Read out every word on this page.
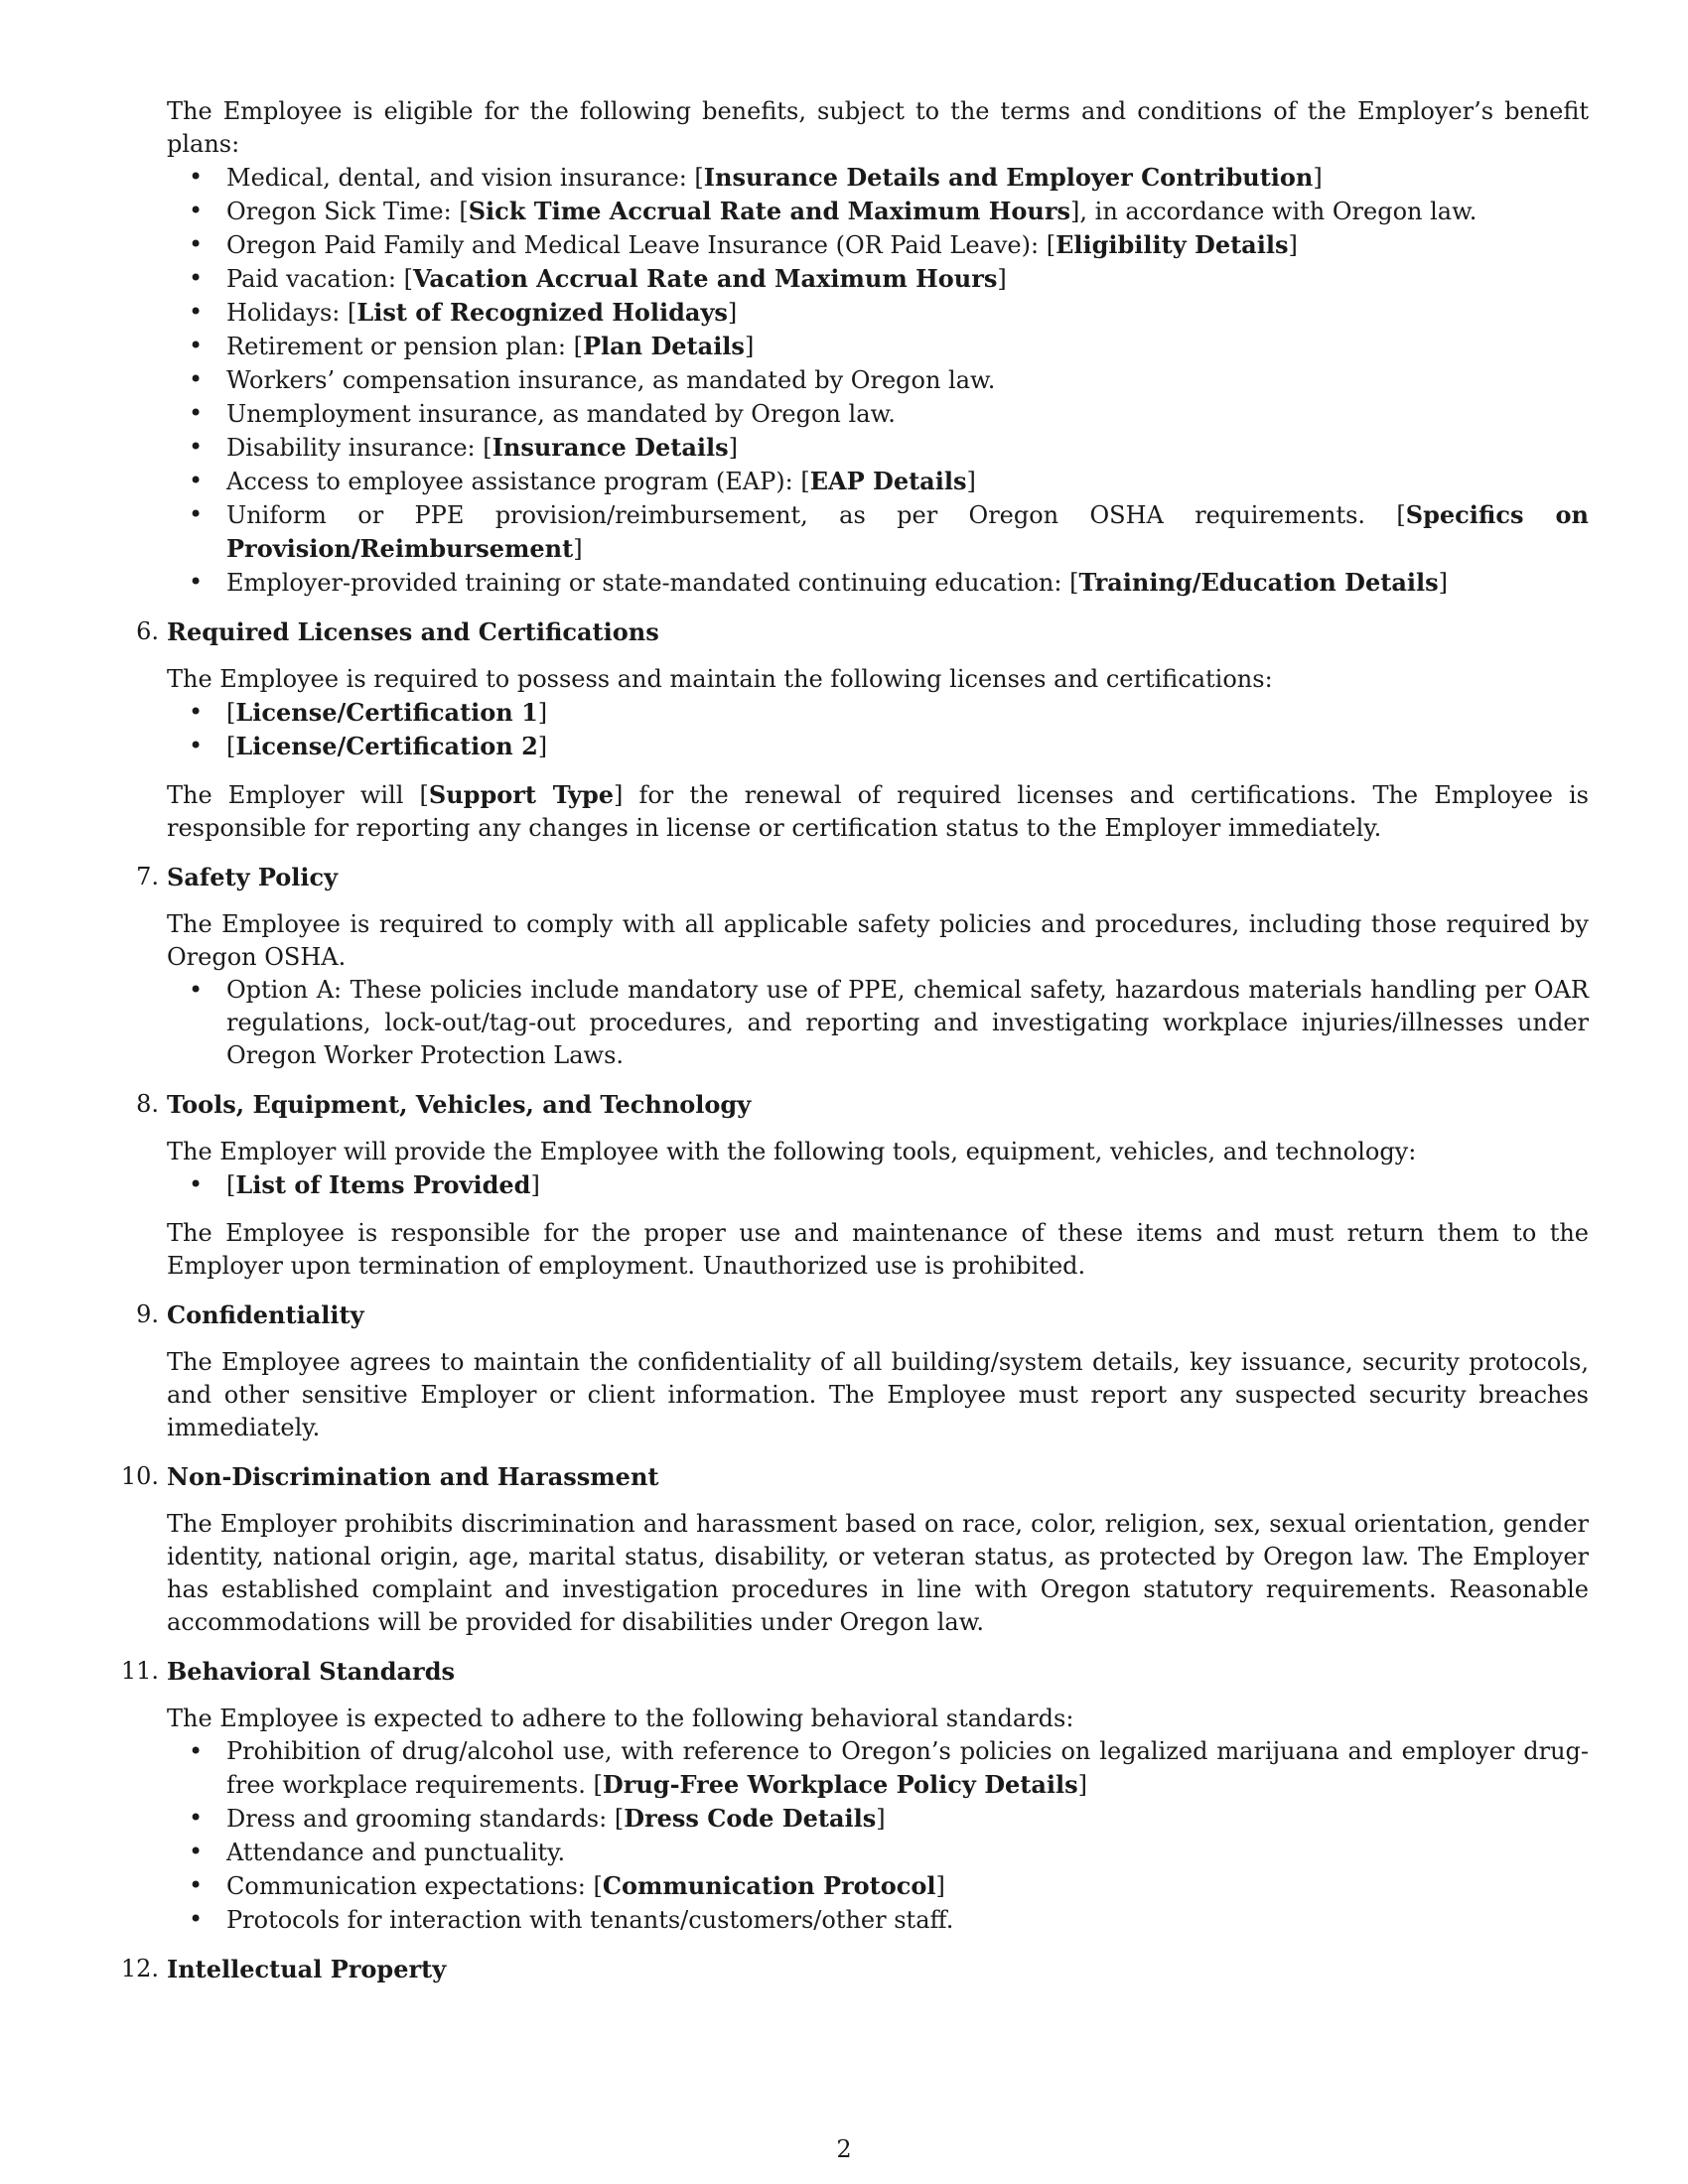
The Employee is eligible for the following benefits, subject to the terms and conditions of the Employer’s benefit plans:

• Medical, dental, and vision insurance: [Insurance Details and Employer Contribution]
• Oregon Sick Time: [Sick Time Accrual Rate and Maximum Hours], in accordance with Oregon law.
• Oregon Paid Family and Medical Leave Insurance (OR Paid Leave): [Eligibility Details]
• Paid vacation: [Vacation Accrual Rate and Maximum Hours]
• Holidays: [List of Recognized Holidays]
• Retirement or pension plan: [Plan Details]
• Workers’ compensation insurance, as mandated by Oregon law.
• Unemployment insurance, as mandated by Oregon law.
• Disability insurance: [Insurance Details]
• Access to employee assistance program (EAP): [EAP Details]
• Uniform or PPE provision/reimbursement, as per Oregon OSHA requirements. [Specifics on Provision/Reimbursement]
• Employer-provided training or state-mandated continuing education: [Training/Education Details]
6. Required Licenses and Certifications

The Employee is required to possess and maintain the following licenses and certifications:

• [License/Certification 1]
• [License/Certification 2]

The Employer will [Support Type] for the renewal of required licenses and certifications. The Employee is responsible for reporting any changes in license or certification status to the Employer immediately.

7. Safety Policy

The Employee is required to comply with all applicable safety policies and procedures, including those required by Oregon OSHA.

• Option A: These policies include mandatory use of PPE, chemical safety, hazardous materials handling per OAR regulations, lock-out/tag-out procedures, and reporting and investigating workplace injuries/illnesses under Oregon Worker Protection Laws.
8. Tools, Equipment, Vehicles, and Technology

The Employer will provide the Employee with the following tools, equipment, vehicles, and technology:

• [List of Items Provided]

The Employee is responsible for the proper use and maintenance of these items and must return them to the Employer upon termination of employment. Unauthorized use is prohibited.

9. Confidentiality

The Employee agrees to maintain the confidentiality of all building/system details, key issuance, security protocols, and other sensitive Employer or client information. The Employee must report any suspected security breaches immediately.

10. Non-Discrimination and Harassment

The Employer prohibits discrimination and harassment based on race, color, religion, sex, sexual orientation, gender identity, national origin, age, marital status, disability, or veteran status, as protected by Oregon law. The Employer has established complaint and investigation procedures in line with Oregon statutory requirements. Reasonable accommodations will be provided for disabilities under Oregon law.

11. Behavioral Standards

The Employee is expected to adhere to the following behavioral standards:

• Prohibition of drug/alcohol use, with reference to Oregon’s policies on legalized marijuana and employer drug-free workplace requirements. [Drug-Free Workplace Policy Details]
• Dress and grooming standards: [Dress Code Details]
• Attendance and punctuality.
• Communication expectations: [Communication Protocol]
• Protocols for interaction with tenants/customers/other staff.
12. Intellectual Property
2
